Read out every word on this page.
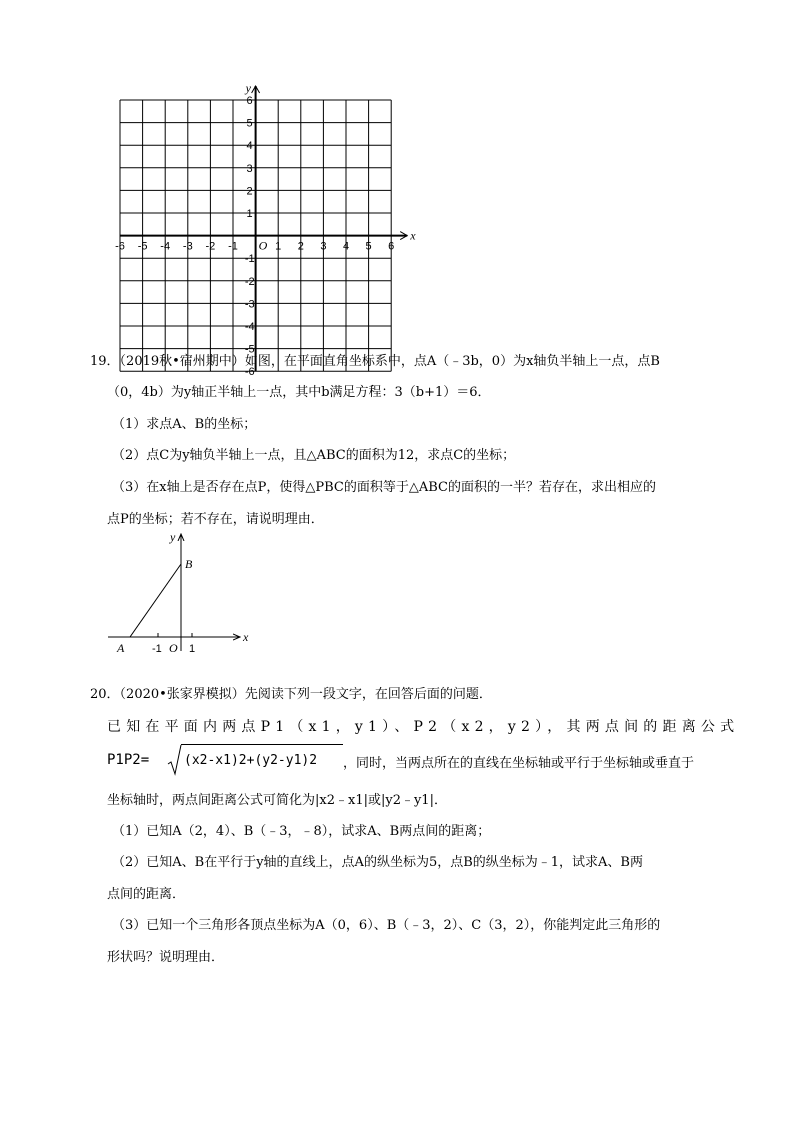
x
y
O
-6 -5 -4 -3 -2 -1	1 2 3 4 5 6
6
5
4
3
2
1
-1
-2
-3
-4
-5
-6
19．（2019秋•宿州期中）如图，在平面直角坐标系中，点A（﹣3b，0）为x轴负半轴上一点，点B
（0，4b）为y轴正半轴上一点，其中b满足方程：3（b+1）＝6．
（1）求点A、B的坐标；
（2）点C为y轴负半轴上一点，且△ABC的面积为12，求点C的坐标；
（3）在x轴上是否存在点P，使得△PBC的面积等于△ABC的面积的一半？若存在，求出相应的
点P的坐标；若不存在，请说明理由．
y
B
x
A	-1 O 1
20．（2020•张家界模拟）先阅读下列一段文字，在回答后面的问题．
已知在平面内两点P1（x1，y1）、P2（x2，y2），其两点间的距离公式
P1P2=	(x2-x1)2+(y2-y1)2 ，同时，当两点所在的直线在坐标轴或平行于坐标轴或垂直于
坐标轴时，两点间距离公式可简化为|x2﹣x1|或|y2﹣y1|．
（1）已知A（2，4）、B（﹣3，﹣8），试求A、B两点间的距离；
（2）已知A、B在平行于y轴的直线上，点A的纵坐标为5，点B的纵坐标为﹣1，试求A、B两
点间的距离．
（3）已知一个三角形各顶点坐标为A（0，6）、B（﹣3，2）、C（3，2），你能判定此三角形的
形状吗？说明理由．
